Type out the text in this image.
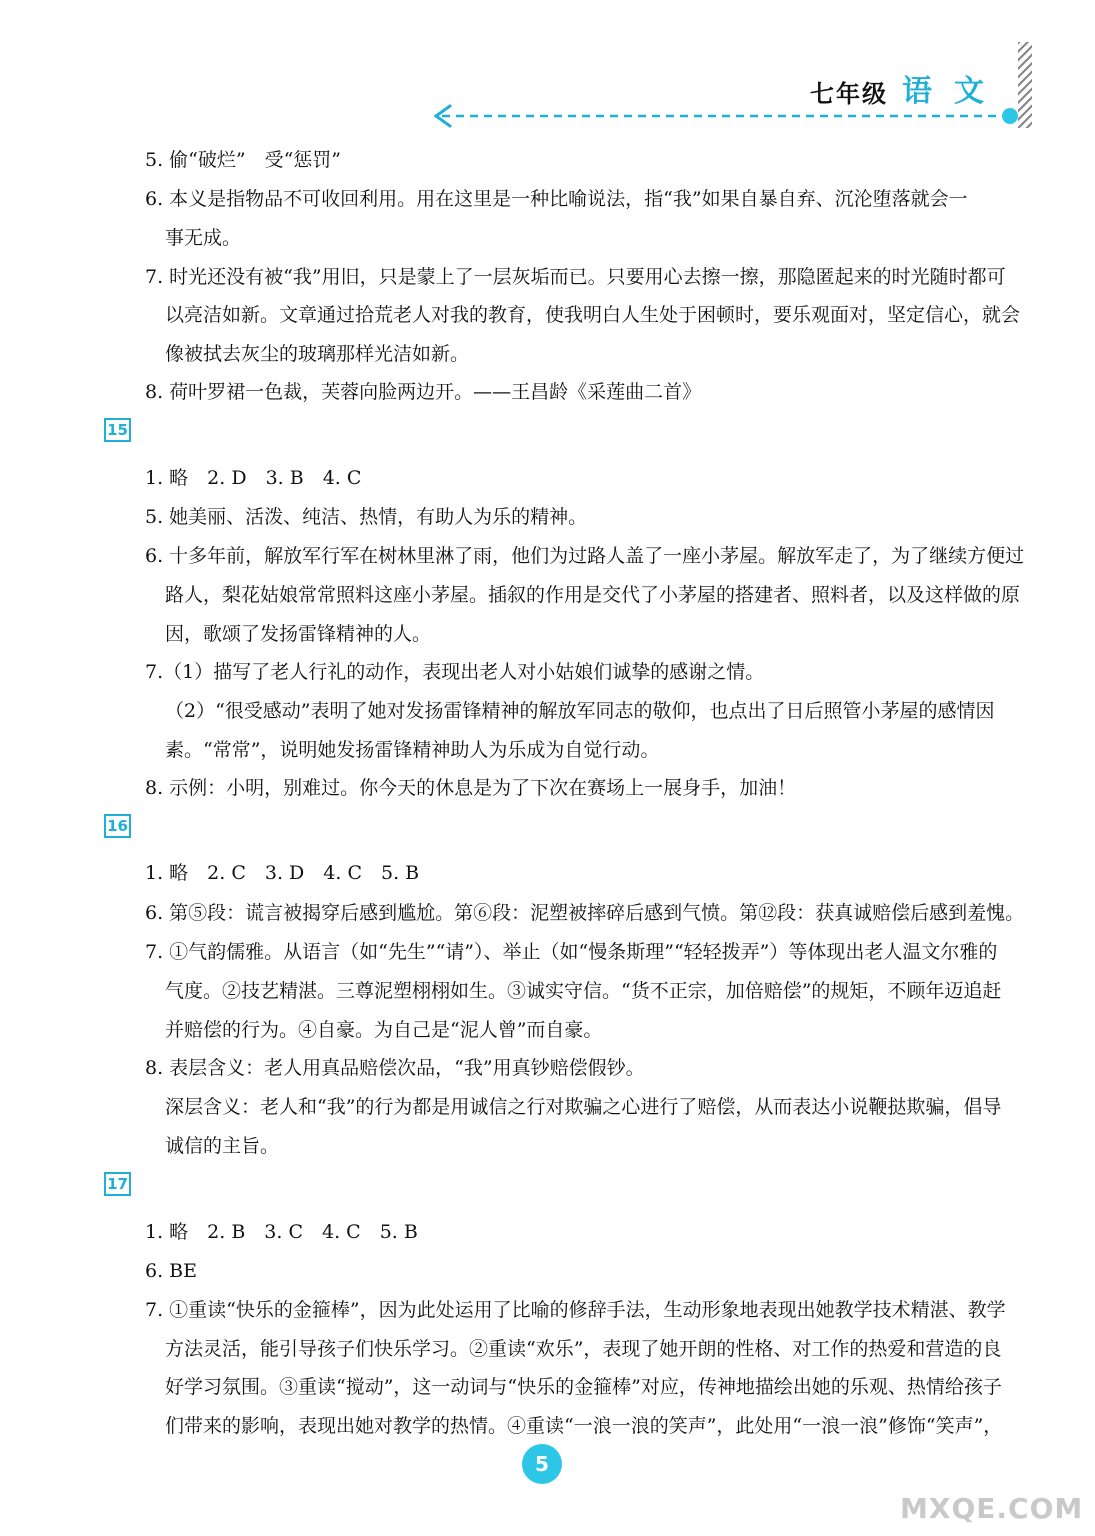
七年级 语文
5. 偷“破烂”　受“惩罚”
6. 本义是指物品不可收回利用。用在这里是一种比喻说法，指“我”如果自暴自弃、沉沦堕落就会一
事无成。
7. 时光还没有被“我”用旧，只是蒙上了一层灰垢而已。只要用心去擦一擦，那隐匿起来的时光随时都可
以亮洁如新。文章通过拾荒老人对我的教育，使我明白人生处于困顿时，要乐观面对，坚定信心，就会
像被拭去灰尘的玻璃那样光洁如新。
8. 荷叶罗裙一色裁，芙蓉向脸两边开。——王昌龄《采莲曲二首》
15
1. 略　2. D　3. B　4. C
5. 她美丽、活泼、纯洁、热情，有助人为乐的精神。
6. 十多年前，解放军行军在树林里淋了雨，他们为过路人盖了一座小茅屋。解放军走了，为了继续方便过
路人，梨花姑娘常常照料这座小茅屋。插叙的作用是交代了小茅屋的搭建者、照料者，以及这样做的原
因，歌颂了发扬雷锋精神的人。
7.（1）描写了老人行礼的动作，表现出老人对小姑娘们诚挚的感谢之情。
（2）“很受感动”表明了她对发扬雷锋精神的解放军同志的敬仰，也点出了日后照管小茅屋的感情因
素。“常常”，说明她发扬雷锋精神助人为乐成为自觉行动。
8. 示例：小明，别难过。你今天的休息是为了下次在赛场上一展身手，加油！
16
1. 略　2. C　3. D　4. C　5. B
6. 第⑤段：谎言被揭穿后感到尴尬。第⑥段：泥塑被摔碎后感到气愤。第⑫段：获真诚赔偿后感到羞愧。
7. ①气韵儒雅。从语言（如“先生”“请”）、举止（如“慢条斯理”“轻轻拨弄”）等体现出老人温文尔雅的
气度。②技艺精湛。三尊泥塑栩栩如生。③诚实守信。“货不正宗，加倍赔偿”的规矩，不顾年迈追赶
并赔偿的行为。④自豪。为自己是“泥人曾”而自豪。
8. 表层含义：老人用真品赔偿次品，“我”用真钞赔偿假钞。
深层含义：老人和“我”的行为都是用诚信之行对欺骗之心进行了赔偿，从而表达小说鞭挞欺骗，倡导
诚信的主旨。
17
1. 略　2. B　3. C　4. C　5. B
6. BE
7. ①重读“快乐的金箍棒”，因为此处运用了比喻的修辞手法，生动形象地表现出她教学技术精湛、教学
方法灵活，能引导孩子们快乐学习。②重读“欢乐”，表现了她开朗的性格、对工作的热爱和营造的良
好学习氛围。③重读“搅动”，这一动词与“快乐的金箍棒”对应，传神地描绘出她的乐观、热情给孩子
们带来的影响，表现出她对教学的热情。④重读“一浪一浪的笑声”，此处用“一浪一浪”修饰“笑声”，
5
MXQE.COM
